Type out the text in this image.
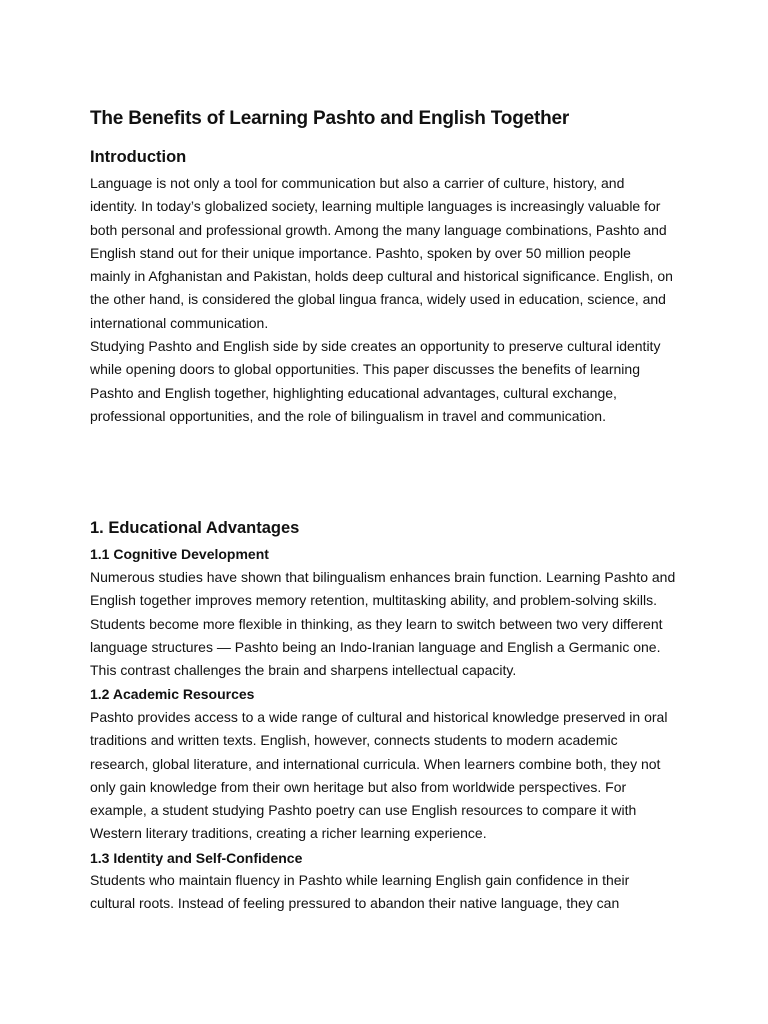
The Benefits of Learning Pashto and English Together
Introduction

Language is not only a tool for communication but also a carrier of culture, history, and
identity. In today’s globalized society, learning multiple languages is increasingly valuable for
both personal and professional growth. Among the many language combinations, Pashto and
English stand out for their unique importance. Pashto, spoken by over 50 million people
mainly in Afghanistan and Pakistan, holds deep cultural and historical significance. English, on
the other hand, is considered the global lingua franca, widely used in education, science, and
international communication.

Studying Pashto and English side by side creates an opportunity to preserve cultural identity
while opening doors to global opportunities. This paper discusses the benefits of learning
Pashto and English together, highlighting educational advantages, cultural exchange,
professional opportunities, and the role of bilingualism in travel and communication.

1. Educational Advantages
1.1 Cognitive Development

Numerous studies have shown that bilingualism enhances brain function. Learning Pashto and
English together improves memory retention, multitasking ability, and problem-solving skills.
Students become more flexible in thinking, as they learn to switch between two very different
language structures — Pashto being an Indo-Iranian language and English a Germanic one.
This contrast challenges the brain and sharpens intellectual capacity.

1.2 Academic Resources

Pashto provides access to a wide range of cultural and historical knowledge preserved in oral
traditions and written texts. English, however, connects students to modern academic
research, global literature, and international curricula. When learners combine both, they not
only gain knowledge from their own heritage but also from worldwide perspectives. For
example, a student studying Pashto poetry can use English resources to compare it with
Western literary traditions, creating a richer learning experience.

1.3 Identity and Self-Confidence

Students who maintain fluency in Pashto while learning English gain confidence in their
cultural roots. Instead of feeling pressured to abandon their native language, they can
